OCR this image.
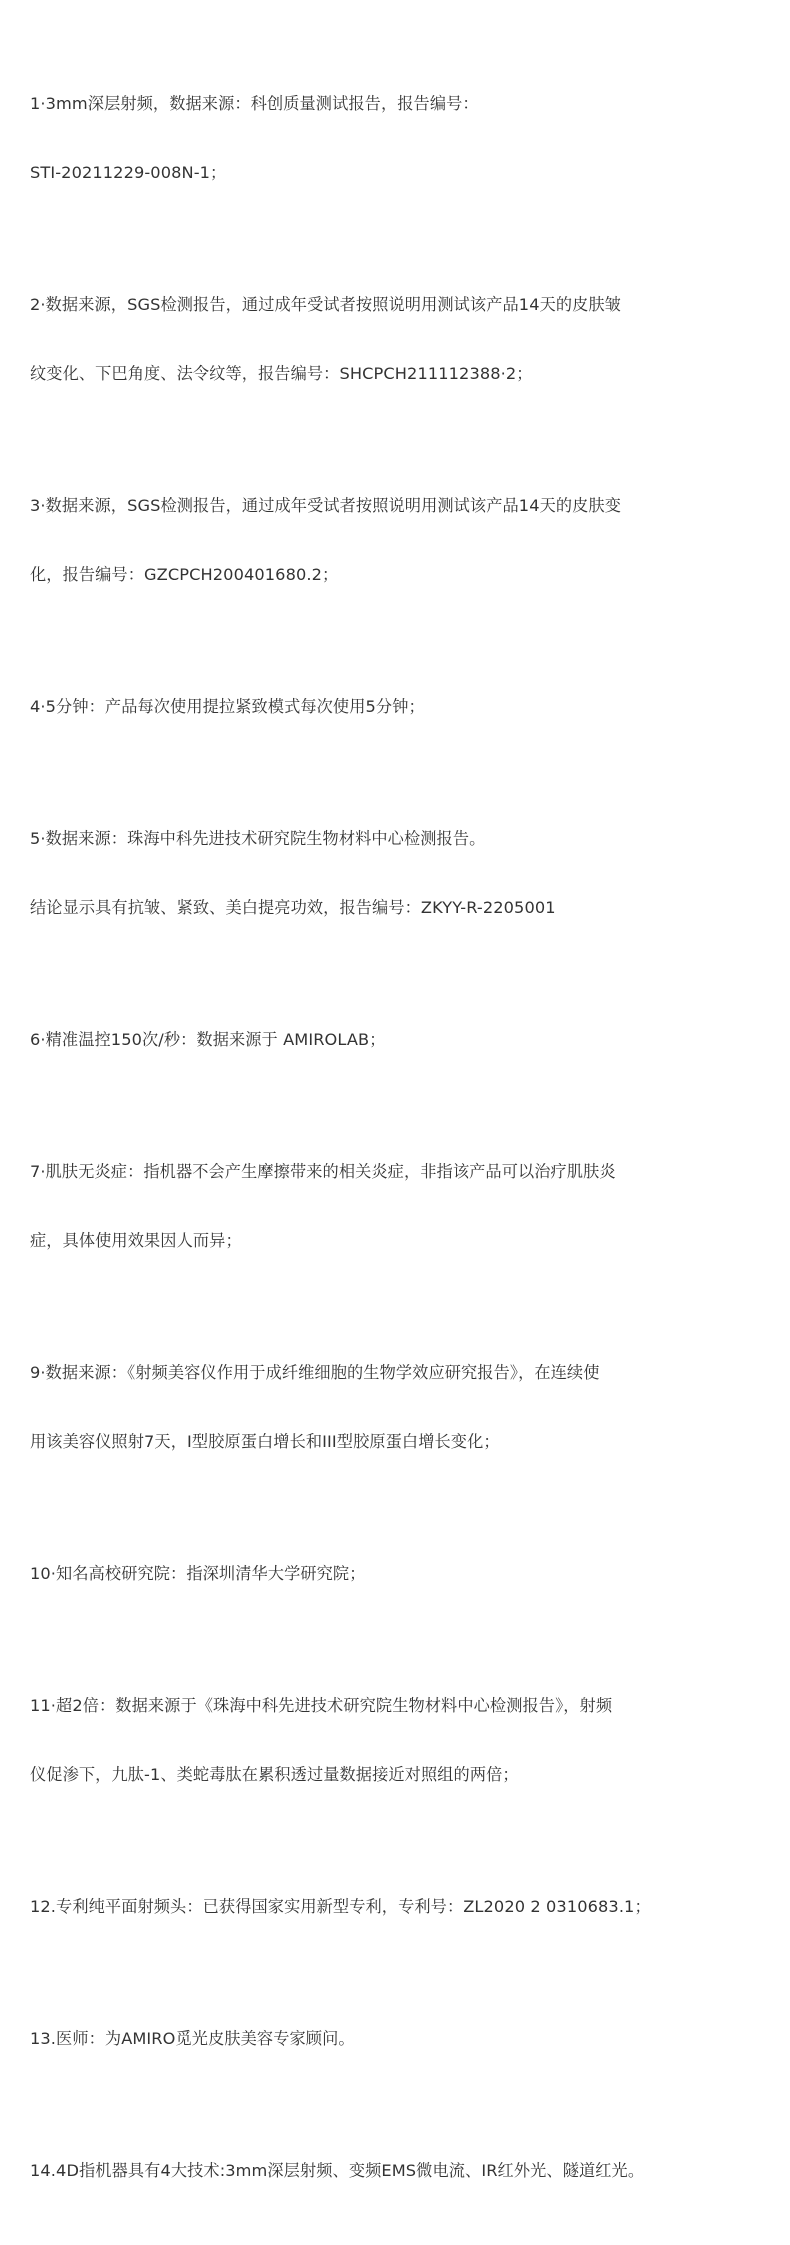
1·3mm深层射频，数据来源：科创质量测试报告，报告编号：

STI-20211229-008N-1；

2·数据来源，SGS检测报告，通过成年受试者按照说明用测试该产品14天的皮肤皱

纹变化、下巴角度、法令纹等，报告编号：SHCPCH211112388·2；

3·数据来源，SGS检测报告，通过成年受试者按照说明用测试该产品14天的皮肤变

化，报告编号：GZCPCH200401680.2；

4·5分钟：产品每次使用提拉紧致模式每次使用5分钟；

5·数据来源：珠海中科先进技术研究院生物材料中心检测报告。

结论显示具有抗皱、紧致、美白提亮功效，报告编号：ZKYY-R-2205001

6·精准温控150次/秒：数据来源于 AMIROLAB；

7·肌肤无炎症：指机器不会产生摩擦带来的相关炎症，非指该产品可以治疗肌肤炎

症，具体使用效果因人而异；

9·数据来源：《射频美容仪作用于成纤维细胞的生物学效应研究报告》，在连续使

用该美容仪照射7天，I型胶原蛋白增长和III型胶原蛋白增长变化；

10·知名高校研究院：指深圳清华大学研究院；

11·超2倍：数据来源于《珠海中科先进技术研究院生物材料中心检测报告》，射频

仪促渗下，九肽-1、类蛇毒肽在累积透过量数据接近对照组的两倍；

12.专利纯平面射频头：已获得国家实用新型专利，专利号：ZL2020 2 0310683.1；

13.医师：为AMIRO觅光皮肤美容专家顾问。

14.4D指机器具有4大技术:3mm深层射频、变频EMS微电流、IR红外光、隧道红光。
